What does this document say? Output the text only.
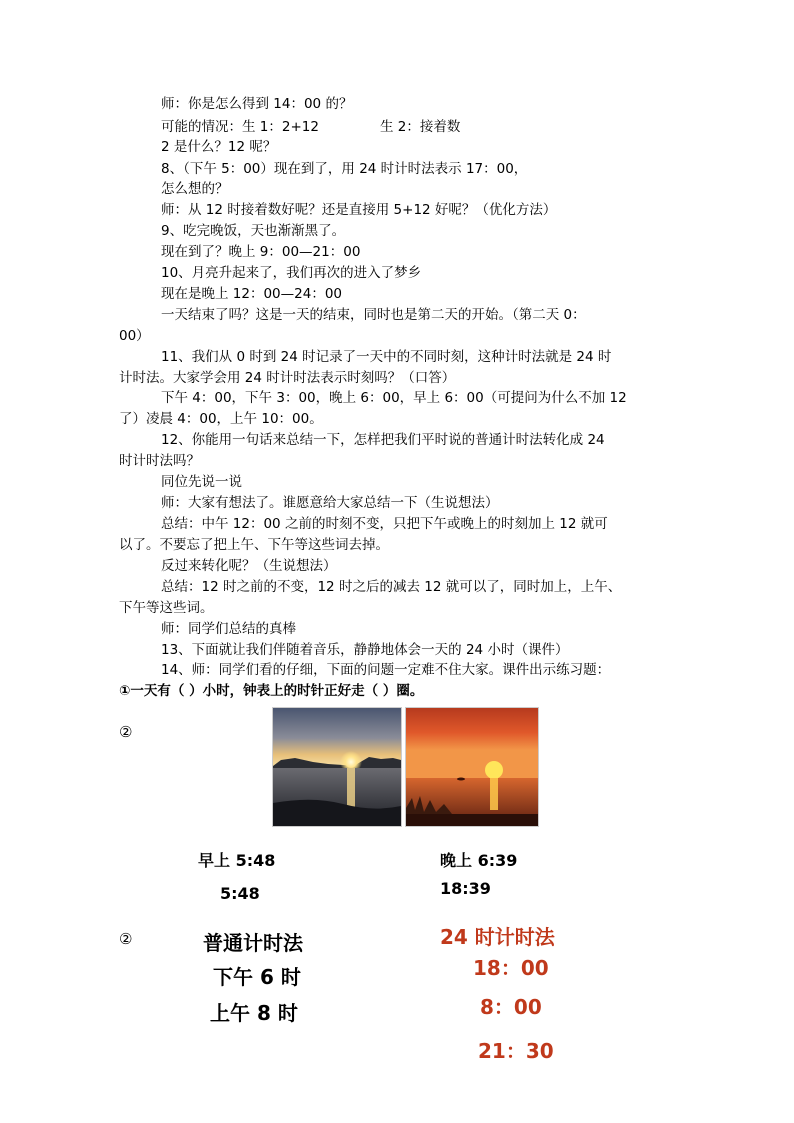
师：你是怎么得到 14：00 的？
可能的情况：生 1：2+12	生 2：接着数
2 是什么？12 呢？
8、（下午 5：00）现在到了，用 24 时计时法表示 17：00，
怎么想的？
师：从 12 时接着数好呢？还是直接用 5+12 好呢？（优化方法）
9、吃完晚饭，天也渐渐黑了。
现在到了？晚上 9：00—21：00
10、月亮升起来了，我们再次的进入了梦乡
现在是晚上 12：00—24：00
一天结束了吗？这是一天的结束，同时也是第二天的开始。（第二天 0：
00）
11、我们从 0 时到 24 时记录了一天中的不同时刻，这种计时法就是 24 时
计时法。大家学会用 24 时计时法表示时刻吗？（口答）
下午 4：00，下午 3：00，晚上 6：00，早上 6：00（可提问为什么不加 12
了）凌晨 4：00，上午 10：00。
12、你能用一句话来总结一下，怎样把我们平时说的普通计时法转化成 24
时计时法吗？
同位先说一说
师：大家有想法了。谁愿意给大家总结一下（生说想法）
总结：中午 12：00 之前的时刻不变，只把下午或晚上的时刻加上 12 就可
以了。不要忘了把上午、下午等这些词去掉。
反过来转化呢？（生说想法）
总结：12 时之前的不变，12 时之后的减去 12 就可以了，同时加上，上午、
下午等这些词。
师：同学们总结的真棒
13、下面就让我们伴随着音乐，静静地体会一天的 24 小时（课件）
14、师：同学们看的仔细，下面的问题一定难不住大家。课件出示练习题：
①一天有（ ）小时，钟表上的时针正好走（ ）圈。
②
早上 5:48
5:48
晚上 6:39
18:39
②	普通计时法
下午 6 时
上午 8 时
24 时计时法
18：00
8：00
21：30
